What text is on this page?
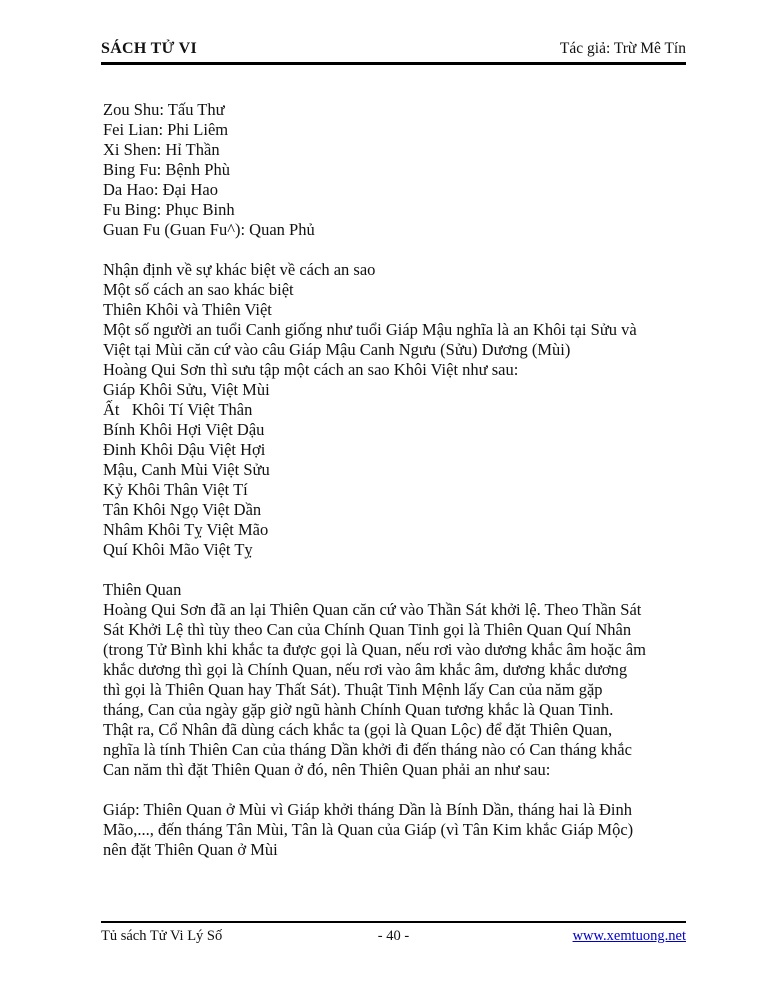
SÁCH TỬ VI	Tác giả: Trừ Mê Tín
Zou Shu: Tấu Thư
Fei Lian: Phi Liêm
Xi Shen: Hỉ Thần
Bing Fu: Bệnh Phù
Da Hao: Đại Hao
Fu Bing: Phục Binh
Guan Fu (Guan Fu^): Quan Phủ
Nhận định về sự khác biệt về cách an sao
Một số cách an sao khác biệt
Thiên Khôi và Thiên Việt
Một số người an tuổi Canh giống như tuổi Giáp Mậu nghĩa là an Khôi tại Sửu và
Việt tại Mùi căn cứ vào câu Giáp Mậu Canh Ngưu (Sửu) Dương (Mùi)
Hoàng Qui Sơn thì sưu tập một cách an sao Khôi Việt như sau:
Giáp Khôi Sửu, Việt Mùi
Ất   Khôi Tí Việt Thân
Bính Khôi Hợi Việt Dậu
Đinh Khôi Dậu Việt Hợi
Mậu, Canh Mùi Việt Sửu
Kỷ Khôi Thân Việt Tí
Tân Khôi Ngọ Việt Dần
Nhâm Khôi Tỵ Việt Mão
Quí Khôi Mão Việt Tỵ
Thiên Quan
Hoàng Qui Sơn đã an lại Thiên Quan căn cứ vào Thần Sát khởi lệ. Theo Thần Sát
Sát Khởi Lệ thì tùy theo Can của Chính Quan Tinh gọi là Thiên Quan Quí Nhân
(trong Tử Bình khi khắc ta được gọi là Quan, nếu rơi vào dương khắc âm hoặc âm
khắc dương thì gọi là Chính Quan, nếu rơi vào âm khắc âm, dương khắc dương
thì gọi là Thiên Quan hay Thất Sát). Thuật Tinh Mệnh lấy Can của năm gặp
tháng, Can của ngày gặp giờ ngũ hành Chính Quan tương khắc là Quan Tinh.
Thật ra, Cổ Nhân đã dùng cách khắc ta (gọi là Quan Lộc) để đặt Thiên Quan,
nghĩa là tính Thiên Can của tháng Dần khởi đi đến tháng nào có Can tháng khắc
Can năm thì đặt Thiên Quan ở đó, nên Thiên Quan phải an như sau:
Giáp: Thiên Quan ở Mùi vì Giáp khởi tháng Dần là Bính Dần, tháng hai là Đinh
Mão,..., đến tháng Tân Mùi, Tân là Quan của Giáp (vì Tân Kim khắc Giáp Mộc)
nên đặt Thiên Quan ở Mùi
Tủ sách Tử Vi Lý Số	- 40 -	www.xemtuong.net
